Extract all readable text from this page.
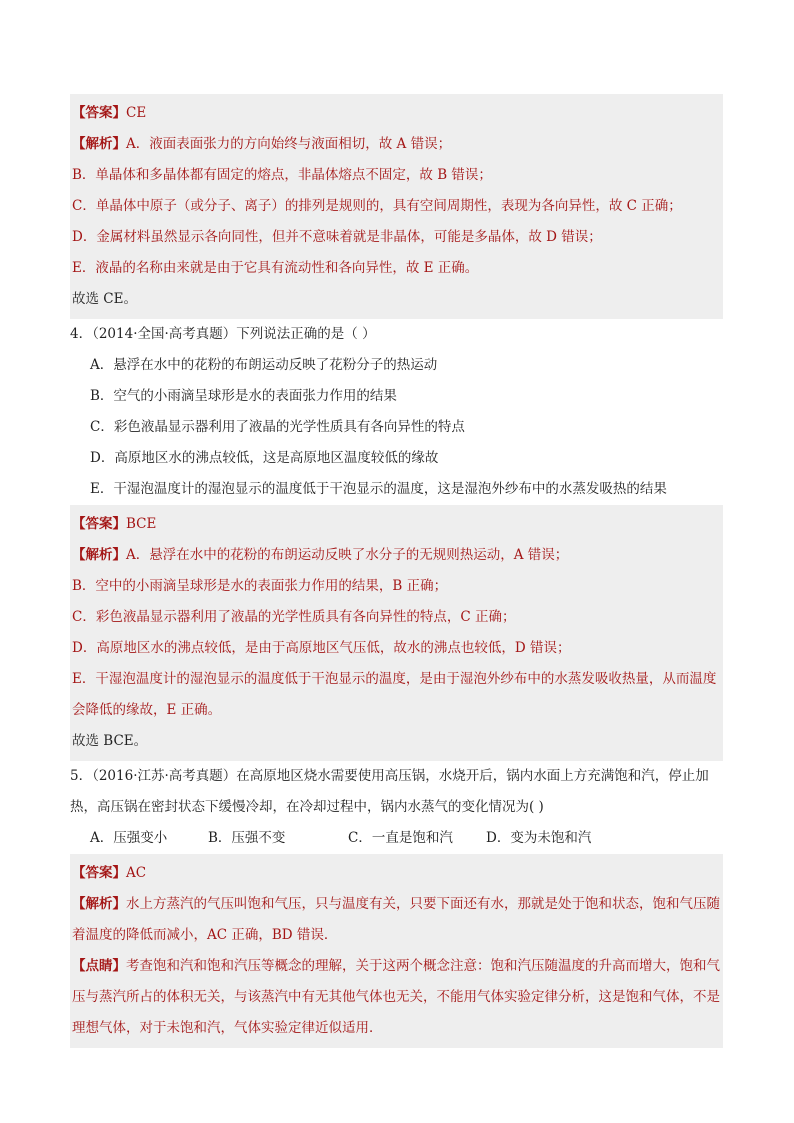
【答案】CE
【解析】A．液面表面张力的方向始终与液面相切，故 A 错误；
B．单晶体和多晶体都有固定的熔点，非晶体熔点不固定，故 B 错误；
C．单晶体中原子（或分子、离子）的排列是规则的，具有空间周期性，表现为各向异性，故 C 正确；
D．金属材料虽然显示各向同性，但并不意味着就是非晶体，可能是多晶体，故 D 错误；
E．液晶的名称由来就是由于它具有流动性和各向异性，故 E 正确。
故选 CE。
4．（2014·全国·高考真题）下列说法正确的是（ ）
A．悬浮在水中的花粉的布朗运动反映了花粉分子的热运动
B．空气的小雨滴呈球形是水的表面张力作用的结果
C．彩色液晶显示器利用了液晶的光学性质具有各向异性的特点
D．高原地区水的沸点较低，这是高原地区温度较低的缘故
E．干湿泡温度计的湿泡显示的温度低于干泡显示的温度，这是湿泡外纱布中的水蒸发吸热的结果
【答案】BCE
【解析】A．悬浮在水中的花粉的布朗运动反映了水分子的无规则热运动，A 错误；
B．空中的小雨滴呈球形是水的表面张力作用的结果，B 正确；
C．彩色液晶显示器利用了液晶的光学性质具有各向异性的特点，C 正确；
D．高原地区水的沸点较低，是由于高原地区气压低，故水的沸点也较低，D 错误；
E．干湿泡温度计的湿泡显示的温度低于干泡显示的温度，是由于湿泡外纱布中的水蒸发吸收热量，从而温度会降低的缘故，E 正确。
故选 BCE。
5．（2016·江苏·高考真题）在高原地区烧水需要使用高压锅，水烧开后，锅内水面上方充满饱和汽，停止加热，高压锅在密封状态下缓慢冷却，在冷却过程中，锅内水蒸气的变化情况为( )
A．压强变小	B．压强不变	C．一直是饱和汽	D．变为未饱和汽
【答案】AC
【解析】水上方蒸汽的气压叫饱和气压，只与温度有关，只要下面还有水，那就是处于饱和状态，饱和气压随着温度的降低而减小，AC 正确，BD 错误．
【点睛】考查饱和汽和饱和汽压等概念的理解，关于这两个概念注意：饱和汽压随温度的升高而增大，饱和气压与蒸汽所占的体积无关，与该蒸汽中有无其他气体也无关，不能用气体实验定律分析，这是饱和气体，不是理想气体，对于未饱和汽，气体实验定律近似适用．
